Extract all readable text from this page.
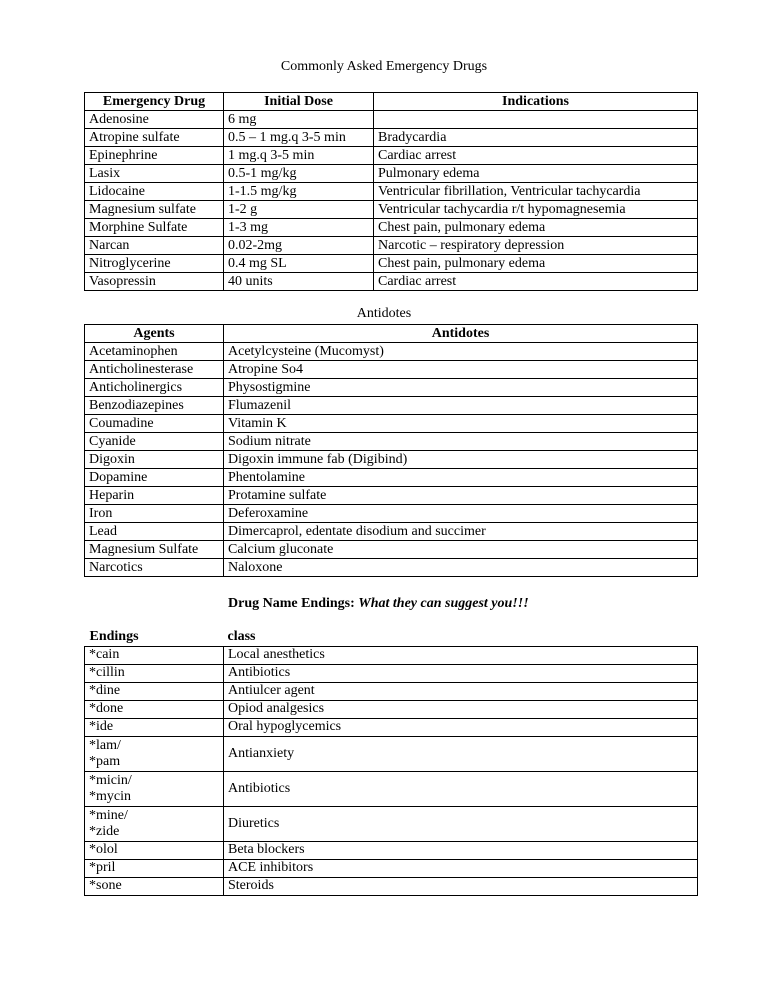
Commonly Asked Emergency Drugs
Emergency Drug	Initial Dose	Indications
Adenosine	6 mg	
Atropine sulfate	0.5 – 1 mg.q 3-5 min	Bradycardia
Epinephrine	1 mg.q 3-5 min	Cardiac arrest
Lasix	0.5-1 mg/kg	Pulmonary edema
Lidocaine	1-1.5 mg/kg	Ventricular fibrillation, Ventricular tachycardia
Magnesium sulfate	1-2 g	Ventricular tachycardia r/t hypomagnesemia
Morphine Sulfate	1-3 mg	Chest pain, pulmonary edema
Narcan	0.02-2mg	Narcotic – respiratory depression
Nitroglycerine	0.4 mg SL	Chest pain, pulmonary edema
Vasopressin	40 units	Cardiac arrest
Antidotes
Agents	Antidotes
Acetaminophen	Acetylcysteine (Mucomyst)
Anticholinesterase	Atropine So4
Anticholinergics	Physostigmine
Benzodiazepines	Flumazenil
Coumadine	Vitamin K
Cyanide	Sodium nitrate
Digoxin	Digoxin immune fab (Digibind)
Dopamine	Phentolamine
Heparin	Protamine sulfate
Iron	Deferoxamine
Lead	Dimercaprol, edentate disodium and succimer
Magnesium Sulfate	Calcium gluconate
Narcotics	Naloxone
Drug Name Endings: What they can suggest you!!!
Endings	class
*cain	Local anesthetics
*cillin	Antibiotics
*dine	Antiulcer agent
*done	Opiod analgesics
*ide	Oral hypoglycemics
*lam/
*pam	Antianxiety
*micin/
*mycin	Antibiotics
*mine/
*zide	Diuretics
*olol	Beta blockers
*pril	ACE inhibitors
*sone	Steroids
